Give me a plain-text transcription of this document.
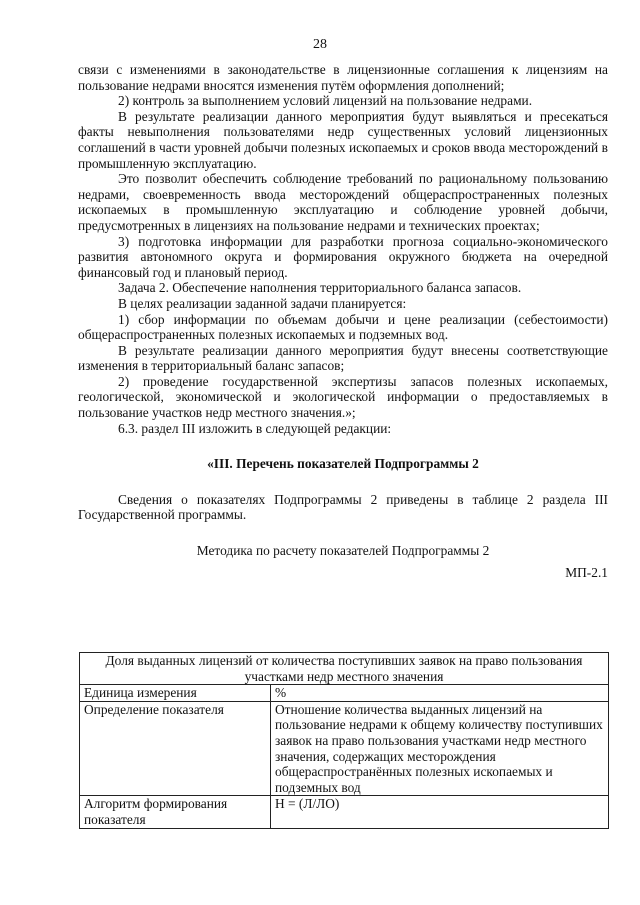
28

связи с изменениями в законодательстве в лицензионные соглашения к лицензиям на пользование недрами вносятся изменения путём оформления дополнений;

2) контроль за выполнением условий лицензий на пользование недрами.

В результате реализации данного мероприятия будут выявляться и пресекаться факты невыполнения пользователями недр существенных условий лицензионных соглашений в части уровней добычи полезных ископаемых и сроков ввода месторождений в промышленную эксплуатацию.

Это позволит обеспечить соблюдение требований по рациональному пользованию недрами, своевременность ввода месторождений общераспространенных полезных ископаемых в промышленную эксплуатацию и соблюдение уровней добычи, предусмотренных в лицензиях на пользование недрами и технических проектах;

3) подготовка информации для разработки прогноза социально-экономического развития автономного округа и формирования окружного бюджета на очередной финансовый год и плановый период.

Задача 2. Обеспечение наполнения территориального баланса запасов.

В целях реализации заданной задачи планируется:

1) сбор информации по объемам добычи и цене реализации (себестоимости) общераспространенных полезных ископаемых и подземных вод.

В результате реализации данного мероприятия будут внесены соответствующие изменения в территориальный баланс запасов;

2) проведение государственной экспертизы запасов полезных ископаемых, геологической, экономической и экологической информации о предоставляемых в пользование участков недр местного значения.»;

6.3. раздел III изложить в следующей редакции:

«III. Перечень показателей Подпрограммы 2

Сведения о показателях Подпрограммы 2 приведены в таблице 2 раздела III Государственной программы.

Методика по расчету показателей Подпрограммы 2

МП-2.1

Доля выданных лицензий от количества поступивших заявок на право пользования участками недр местного значения	
Единица измерения	%
Определение показателя	Отношение количества выданных лицензий на пользование недрами к общему количеству поступивших заявок на право пользования участками недр местного значения, содержащих месторождения общераспространённых полезных ископаемых и подземных вод
Алгоритм формирования показателя	Н = (Л/ЛО)
